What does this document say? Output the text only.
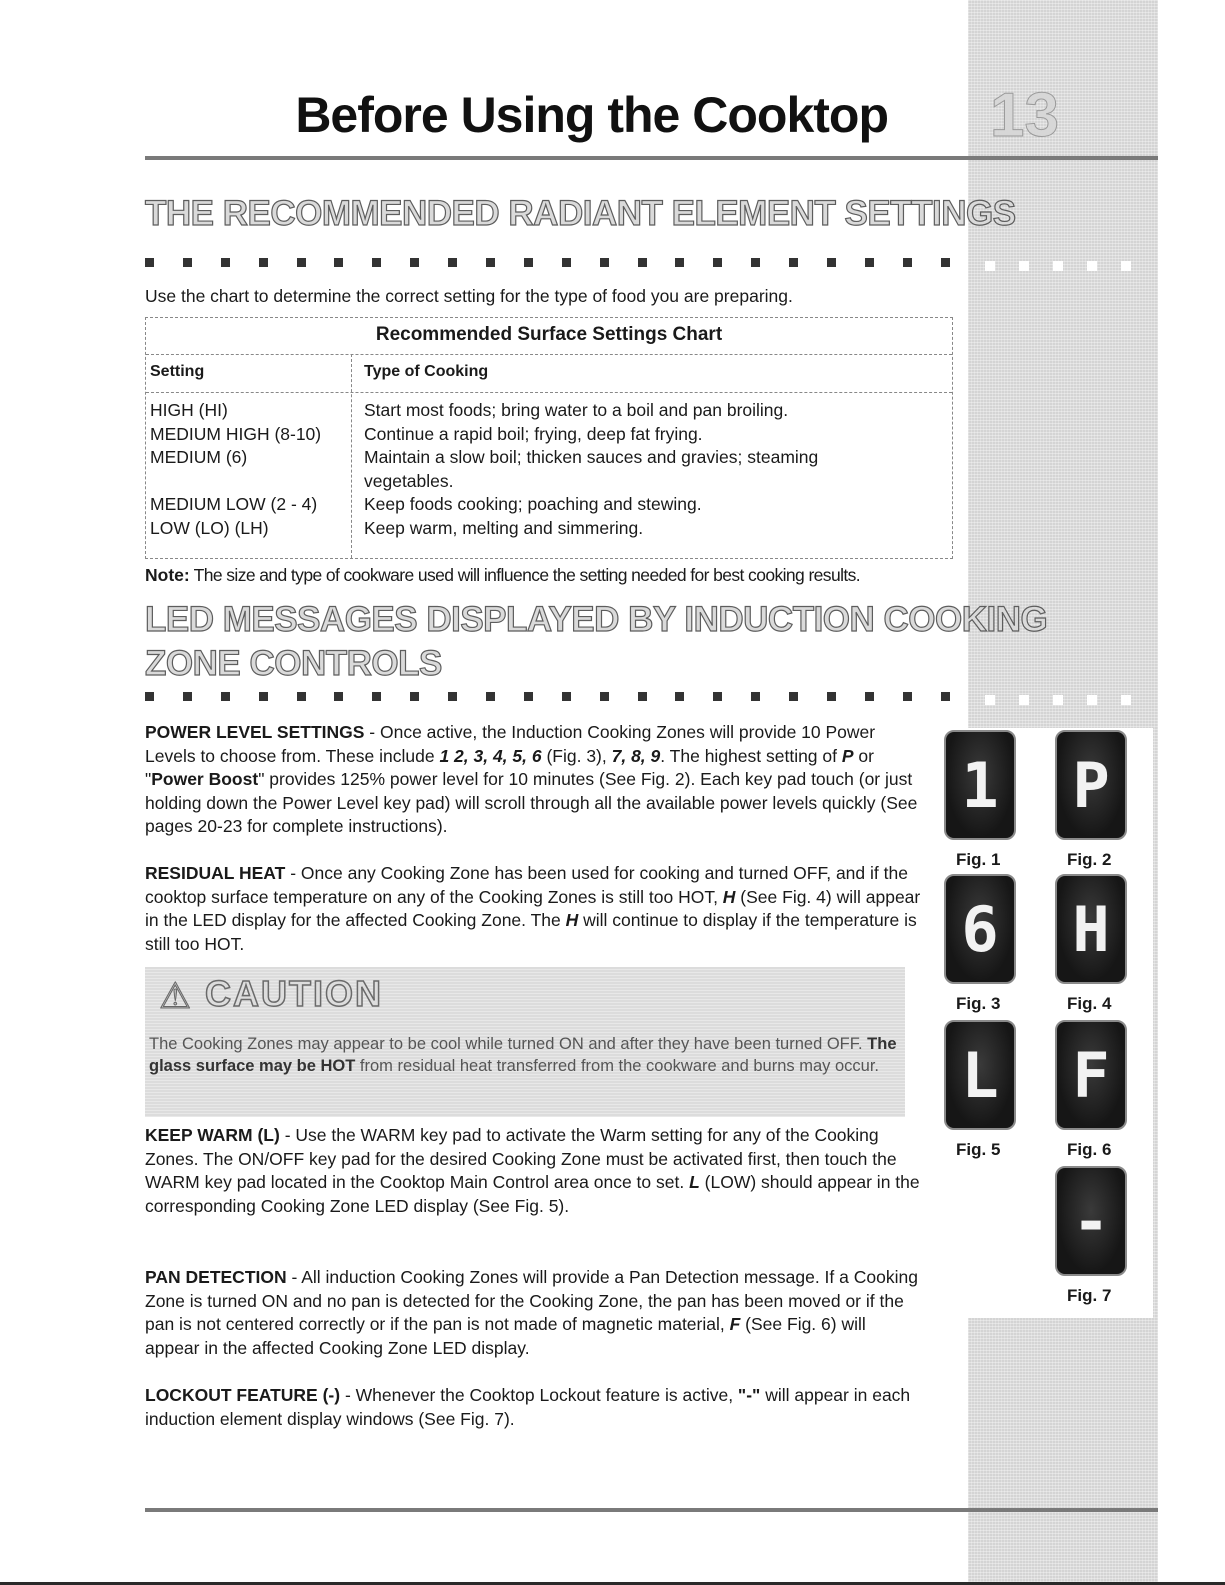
Before Using the Cooktop 13
THE RECOMMENDED RADIANT ELEMENT SETTINGS

Use the chart to determine the correct setting for the type of food you are preparing.

Recommended Surface Settings Chart
Setting	Type of Cooking

HIGH (HI)

MEDIUM HIGH (8-10)

MEDIUM (6)

MEDIUM LOW (2 - 4)

LOW (LO) (LH)

Start most foods; bring water to a boil and pan broiling.

Continue a rapid boil; frying, deep fat frying.

Maintain a slow boil; thicken sauces and gravies; steaming

vegetables.

Keep foods cooking; poaching and stewing.

Keep warm, melting and simmering.

Note: The size and type of cookware used will influence the setting needed for best cooking results.

LED MESSAGES DISPLAYED BY INDUCTION COOKING
ZONE CONTROLS

POWER LEVEL SETTINGS - Once active, the Induction Cooking Zones will provide 10 Power Levels to choose from. These include 1 2, 3, 4, 5, 6 (Fig. 3), 7, 8, 9. The highest setting of P or "Power Boost" provides 125% power level for 10 minutes (See Fig. 2). Each key pad touch (or just holding down the Power Level key pad) will scroll through all the available power levels quickly (See pages 20-23 for complete instructions).

RESIDUAL HEAT - Once any Cooking Zone has been used for cooking and turned OFF, and if the cooktop surface temperature on any of the Cooking Zones is still too HOT, H (See Fig. 4) will appear in the LED display for the affected Cooking Zone. The H will continue to display if the temperature is still too HOT.

⚠ CAUTION

The Cooking Zones may appear to be cool while turned ON and after they have been turned OFF. The glass surface may be HOT from residual heat transferred from the cookware and burns may occur.

KEEP WARM (L) - Use the WARM key pad to activate the Warm setting for any of the Cooking Zones. The ON/OFF key pad for the desired Cooking Zone must be activated first, then touch the WARM key pad located in the Cooktop Main Control area once to set. L (LOW) should appear in the corresponding Cooking Zone LED display (See Fig. 5).

PAN DETECTION - All induction Cooking Zones will provide a Pan Detection message. If a Cooking Zone is turned ON and no pan is detected for the Cooking Zone, the pan has been moved or if the pan is not centered correctly or if the pan is not made of magnetic material, F (See Fig. 6) will appear in the affected Cooking Zone LED display.

LOCKOUT FEATURE (-) - Whenever the Cooktop Lockout feature is active, "-" will appear in each induction element display windows (See Fig. 7).

1
Fig. 1
P
Fig. 2
6
Fig. 3
H
Fig. 4
L
Fig. 5
F
Fig. 6
-
Fig. 7
